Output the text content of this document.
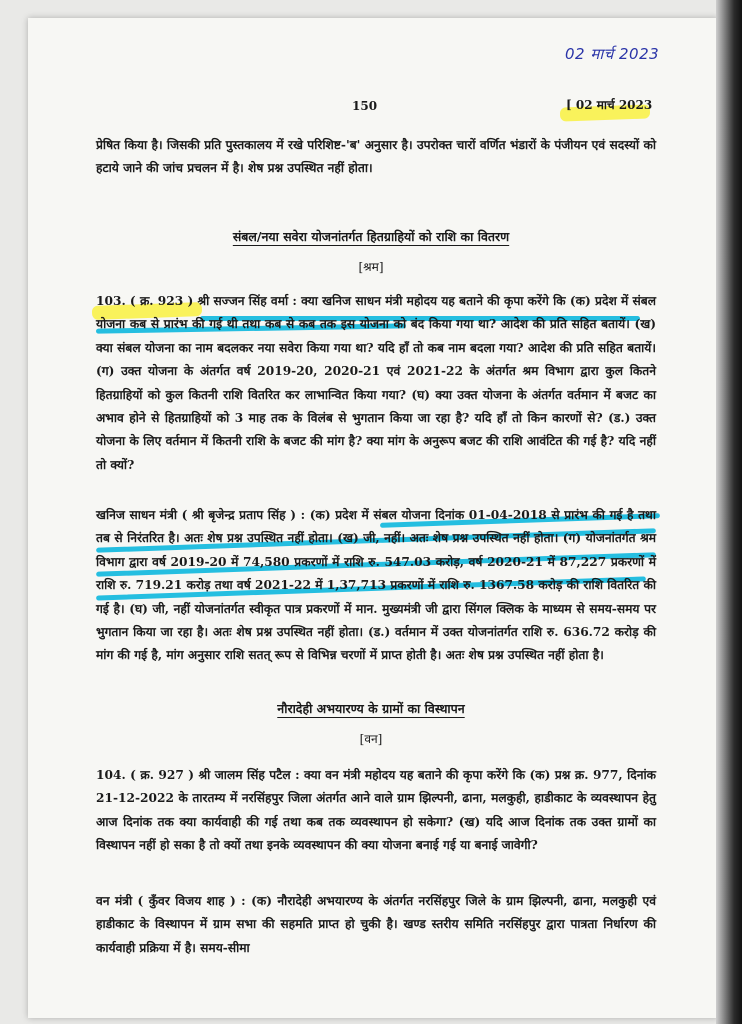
02 मार्च 2023
150	[ 02 मार्च 2023
प्रेषित किया है। जिसकी प्रति पुस्तकालय में रखे परिशिष्ट-'ब' अनुसार है। उपरोक्त चारों वर्णित भंडारों के पंजीयन एवं सदस्यों को हटाये जाने की जांच प्रचलन में है। शेष प्रश्न उपस्थित नहीं होता।
संबल/नया सवेरा योजनांतर्गत हितग्राहियों को राशि का वितरण
[श्रम]
103. ( क्र. 923 ) श्री सज्जन सिंह वर्मा : क्या खनिज साधन मंत्री महोदय यह बताने की कृपा करेंगे कि (क) प्रदेश में संबल योजना कब से प्रारंभ की गई थी तथा कब से कब तक इस योजना को बंद किया गया था? आदेश की प्रति सहित बतायें। (ख) क्या संबल योजना का नाम बदलकर नया सवेरा किया गया था? यदि हाँ तो कब नाम बदला गया? आदेश की प्रति सहित बतायें। (ग) उक्त योजना के अंतर्गत वर्ष 2019-20, 2020-21 एवं 2021-22 के अंतर्गत श्रम विभाग द्वारा कुल कितने हितग्राहियों को कुल कितनी राशि वितरित कर लाभान्वित किया गया? (घ) क्या उक्त योजना के अंतर्गत वर्तमान में बजट का अभाव होने से हितग्राहियों को 3 माह तक के विलंब से भुगतान किया जा रहा है? यदि हाँ तो किन कारणों से? (ड.) उक्त योजना के लिए वर्तमान में कितनी राशि के बजट की मांग है? क्या मांग के अनुरूप बजट की राशि आवंटित की गई है? यदि नहीं तो क्यों?
खनिज साधन मंत्री ( श्री बृजेन्द्र प्रताप सिंह ) : (क) प्रदेश में संबल योजना दिनांक 01-04-2018 से प्रारंभ की गई है तथा तब से निरंतरित है। अतः शेष प्रश्न उपस्थित नहीं होता। (ख) जी, नहीं। अतः शेष प्रश्न उपस्थित नहीं होता। (ग) योजनांतर्गत श्रम विभाग द्वारा वर्ष 2019-20 में 74,580 प्रकरणों में राशि रु. 547.03 करोड़, वर्ष 2020-21 में 87,227 प्रकरणों में राशि रु. 719.21 करोड़ तथा वर्ष 2021-22 में 1,37,713 प्रकरणों में राशि रु. 1367.58 करोड़ की राशि वितरित की गई है। (घ) जी, नहीं योजनांतर्गत स्वीकृत पात्र प्रकरणों में मान. मुख्यमंत्री जी द्वारा सिंगल क्लिक के माध्यम से समय-समय पर भुगतान किया जा रहा है। अतः शेष प्रश्न उपस्थित नहीं होता। (ड.) वर्तमान में उक्त योजनांतर्गत राशि रु. 636.72 करोड़ की मांग की गई है, मांग अनुसार राशि सतत् रूप से विभिन्न चरणों में प्राप्त होती है। अतः शेष प्रश्न उपस्थित नहीं होता है।
नौरादेही अभयारण्य के ग्रामों का विस्थापन
[वन]
104. ( क्र. 927 ) श्री जालम सिंह पटैल : क्या वन मंत्री महोदय यह बताने की कृपा करेंगे कि (क) प्रश्न क्र. 977, दिनांक 21-12-2022 के तारतम्य में नरसिंहपुर जिला अंतर्गत आने वाले ग्राम झिल्पनी, ढाना, मलकुही, हाडीकाट के व्यवस्थापन हेतु आज दिनांक तक क्या कार्यवाही की गई तथा कब तक व्यवस्थापन हो सकेगा? (ख) यदि आज दिनांक तक उक्त ग्रामों का विस्थापन नहीं हो सका है तो क्यों तथा इनके व्यवस्थापन की क्या योजना बनाई गई या बनाई जावेगी?
वन मंत्री ( कुँवर विजय शाह ) : (क) नौरादेही अभयारण्य के अंतर्गत नरसिंहपुर जिले के ग्राम झिल्पनी, ढाना, मलकुही एवं हाडीकाट के विस्थापन में ग्राम सभा की सहमति प्राप्त हो चुकी है। खण्ड स्तरीय समिति नरसिंहपुर द्वारा पात्रता निर्धारण की कार्यवाही प्रक्रिया में है। समय-सीमा
